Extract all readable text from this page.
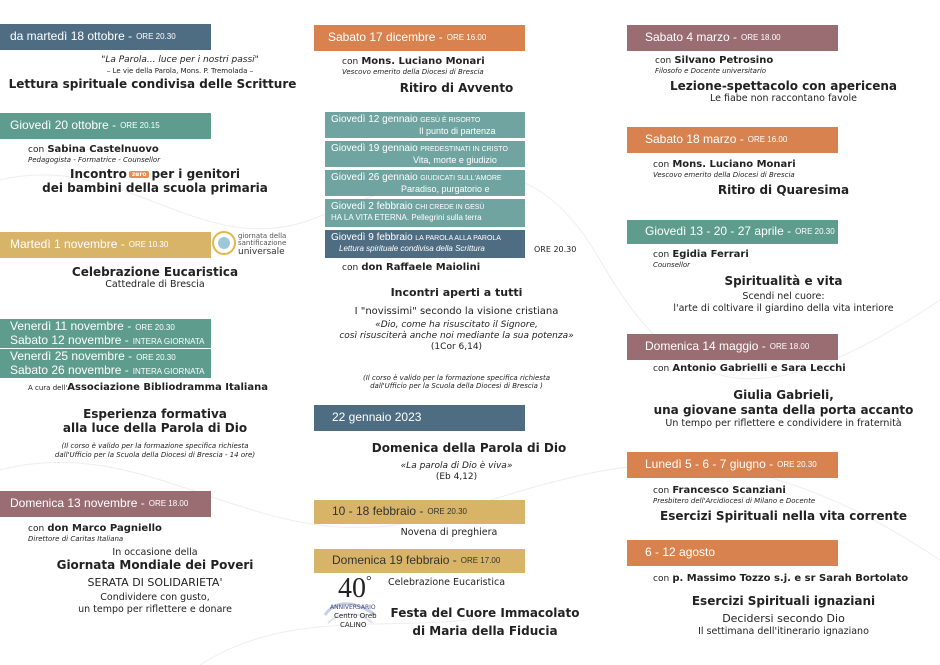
da martedì 18 ottobre - ORE 20.30
"La Parola... luce per i nostri passi"
– Le vie della Parola, Mons. P. Tremolada –
Lettura spirituale condivisa delle Scritture
Giovedì 20 ottobre - ORE 20.15
con Sabina Castelnuovo
Pedagogista - Formatrice - Counsellor
Incontro zero per i genitori
dei bambini della scuola primaria
Martedì 1 novembre - ORE 10.30
giornata della
santificazione
universale
Celebrazione Eucaristica
Cattedrale di Brescia
Venerdì 11 novembre - ORE 20.30
Sabato 12 novembre - INTERA GIORNATA
Venerdì 25 novembre - ORE 20.30
Sabato 26 novembre - INTERA GIORNATA
A cura dell'Associazione Bibliodramma Italiana
Esperienza formativa
alla luce della Parola di Dio
(Il corso è valido per la formazione specifica richiesta
dall'Ufficio per la Scuola della Diocesi di Brescia - 14 ore)
Domenica 13 novembre - ORE 18.00
con don Marco Pagniello
Direttore di Caritas Italiana
In occasione della
Giornata Mondiale dei Poveri
SERATA DI SOLIDARIETA'
Condividere con gusto,
un tempo per riflettere e donare
Sabato 17 dicembre - ORE 16.00
con Mons. Luciano Monari
Vescovo emerito della Diocesi di Brescia
Ritiro di Avvento
Giovedì 12 gennaio GESÙ È RISORTO
Il punto di partenza
Giovedì 19 gennaio PREDESTINATI IN CRISTO
Vita, morte e giudizio
Giovedì 26 gennaio GIUDICATI SULL'AMORE
Paradiso, purgatorio e
Giovedì 2 febbraio CHI CREDE IN GESÙ
HA LA VITA ETERNA. Pellegrini sulla terra
Giovedì 9 febbraio LA PAROLA ALLA PAROLA
Lettura spirituale condivisa della Scrittura	ORE 20.30
con don Raffaele Maiolini
Incontri aperti a tutti
I "novissimi" secondo la visione cristiana
«Dio, come ha risuscitato il Signore,
così risusciterà anche noi mediante la sua potenza»
(1Cor 6,14)
(Il corso è valido per la formazione specifica richiesta
dall'Ufficio per la Scuola della Diocesi di Brescia )
22 gennaio 2023
Domenica della Parola di Dio
«La parola di Dio è viva»
(Eb 4,12)
10 - 18 febbraio - ORE 20.30
Novena di preghiera
Domenica 19 febbraio - ORE 17.00
40°
ANNIVERSARIO
Centro Oreb
CALINO
Celebrazione Eucaristica
Festa del Cuore Immacolato
di Maria della Fiducia
Sabato 4 marzo - ORE 18.00
con Silvano Petrosino
Filosofo e Docente universitario
Lezione-spettacolo con apericena
Le fiabe non raccontano favole
Sabato 18 marzo - ORE 16.00
con Mons. Luciano Monari
Vescovo emerito della Diocesi di Brescia
Ritiro di Quaresima
Giovedì 13 - 20 - 27 aprile - ORE 20.30
con Egidia Ferrari
Counsellor
Spiritualità e vita
Scendi nel cuore:
l'arte di coltivare il giardino della vita interiore
Domenica 14 maggio - ORE 18.00
con Antonio Gabrielli e Sara Lecchi
Giulia Gabrieli,
una giovane santa della porta accanto
Un tempo per riflettere e condividere in fraternità
Lunedì 5 - 6 - 7 giugno - ORE 20.30
con Francesco Scanziani
Presbitero dell'Arcidiocesi di Milano e Docente
Esercizi Spirituali nella vita corrente
6 - 12 agosto
con p. Massimo Tozzo s.j. e sr Sarah Bortolato
Esercizi Spirituali ignaziani
Decidersi secondo Dio
Il settimana dell'itinerario ignaziano
